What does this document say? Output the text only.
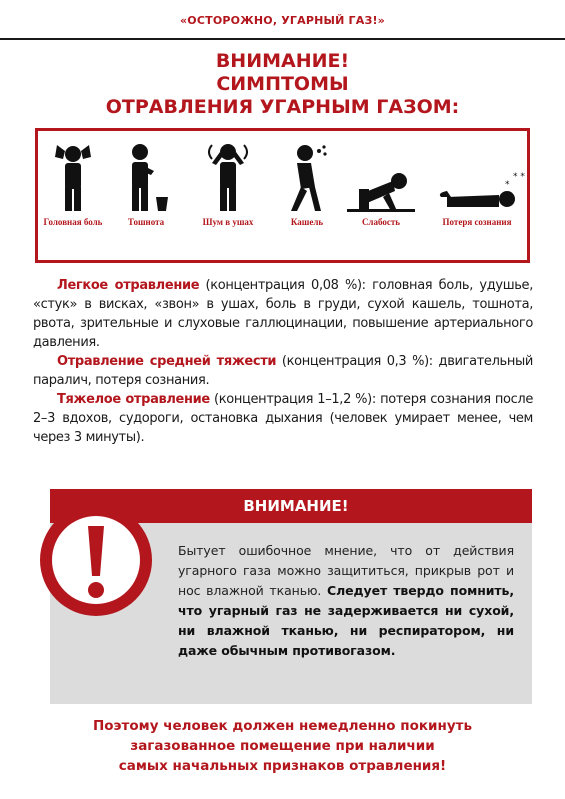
«ОСТОРОЖНО, УГАРНЫЙ ГАЗ!»
ВНИМАНИЕ!
СИМПТОМЫ
ОТРАВЛЕНИЯ УГАРНЫМ ГАЗОМ:
Головная боль	Тошнота	Шум в ушах	Кашель	Слабость
* *
*
Потеря сознания

Легкое отравление (концентрация 0,08 %): головная боль, удушье, «стук» в висках, «звон» в ушах, боль в груди, сухой кашель, тошнота, рвота, зрительные и слуховые галлюцинации, повышение артериального давления.

Отравление средней тяжести (концентрация 0,3 %): двигательный паралич, потеря сознания.

Тяжелое отравление (концентрация 1–1,2 %): потеря сознания после 2–3 вдохов, судороги, остановка дыхания (человек умирает менее, чем через 3 минуты).

ВНИМАНИЕ!
Бытует ошибочное мнение, что от действия угарного газа можно защититься, прикрыв рот и нос влажной тканью. Следует твердо помнить, что угарный газ не задерживается ни сухой, ни влажной тканью, ни респиратором, ни даже обычным противогазом.
Поэтому человек должен немедленно покинуть
загазованное помещение при наличии
самых начальных признаков отравления!
